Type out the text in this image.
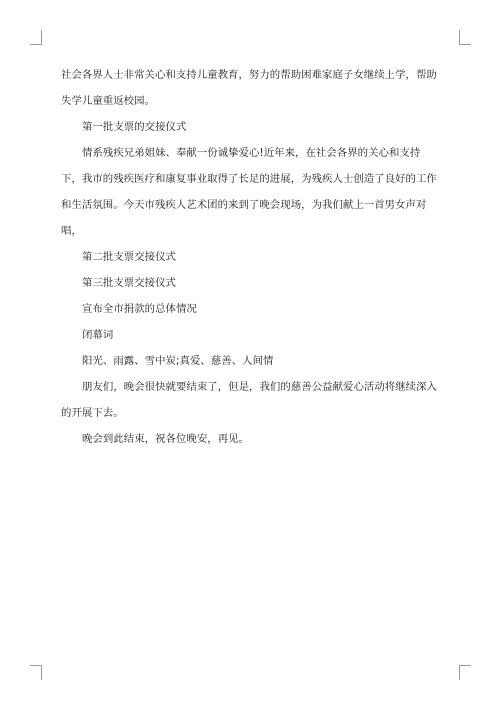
社会各界人士非常关心和支持儿童教育，努力的帮助困难家庭子女继续上学，帮助失学儿童重返校园。

第一批支票的交接仪式

情系残疾兄弟姐妹、奉献一份诚挚爱心!近年来，在社会各界的关心和支持下，我市的残疾医疗和康复事业取得了长足的进展，为残疾人士创造了良好的工作和生活氛围。今天市残疾人艺术团的来到了晚会现场，为我们献上一首男女声对唱，

第二批支票交接仪式

第三批支票交接仪式

宣布全市捐款的总体情况

闭幕词

阳光、雨露、雪中炭;真爱、慈善、人间情

朋友们，晚会很快就要结束了，但是，我们的慈善公益献爱心活动将继续深入的开展下去。

晚会到此结束，祝各位晚安，再见。
